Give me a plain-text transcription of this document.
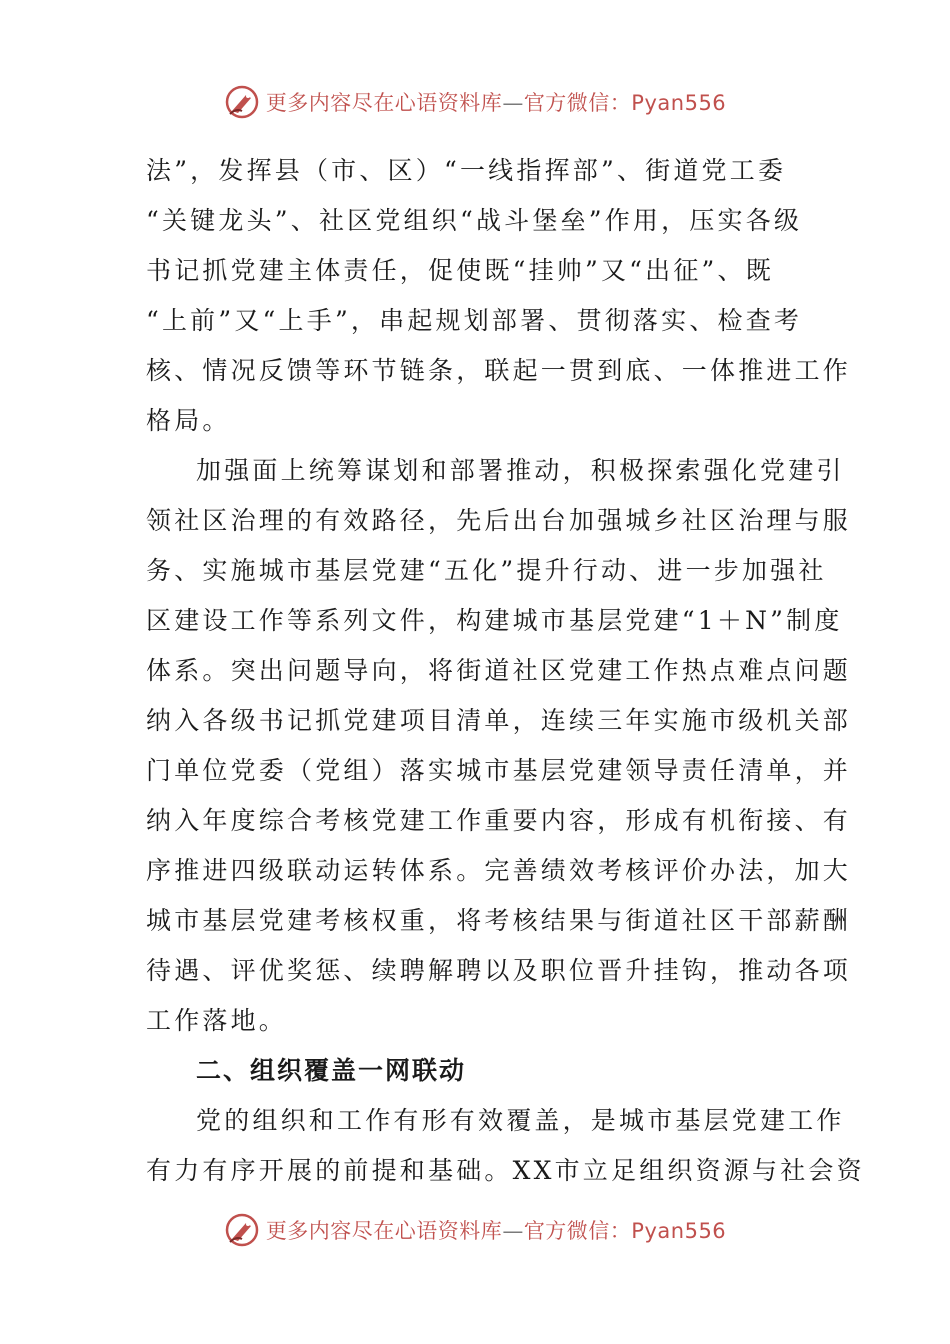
更多内容尽在心语资料库—官方微信：Pyan556
法”，发挥县（市、区）“一线指挥部”、街道党工委
“关键龙头”、社区党组织“战斗堡垒”作用，压实各级
书记抓党建主体责任，促使既“挂帅”又“出征”、既
“上前”又“上手”，串起规划部署、贯彻落实、检查考
核、情况反馈等环节链条，联起一贯到底、一体推进工作
格局。
加强面上统筹谋划和部署推动，积极探索强化党建引
领社区治理的有效路径，先后出台加强城乡社区治理与服
务、实施城市基层党建“五化”提升行动、进一步加强社
区建设工作等系列文件，构建城市基层党建“1＋N”制度
体系。突出问题导向，将街道社区党建工作热点难点问题
纳入各级书记抓党建项目清单，连续三年实施市级机关部
门单位党委（党组）落实城市基层党建领导责任清单，并
纳入年度综合考核党建工作重要内容，形成有机衔接、有
序推进四级联动运转体系。完善绩效考核评价办法，加大
城市基层党建考核权重，将考核结果与街道社区干部薪酬
待遇、评优奖惩、续聘解聘以及职位晋升挂钩，推动各项
工作落地。
二、组织覆盖一网联动
党的组织和工作有形有效覆盖，是城市基层党建工作
有力有序开展的前提和基础。XX市立足组织资源与社会资
更多内容尽在心语资料库—官方微信：Pyan556
